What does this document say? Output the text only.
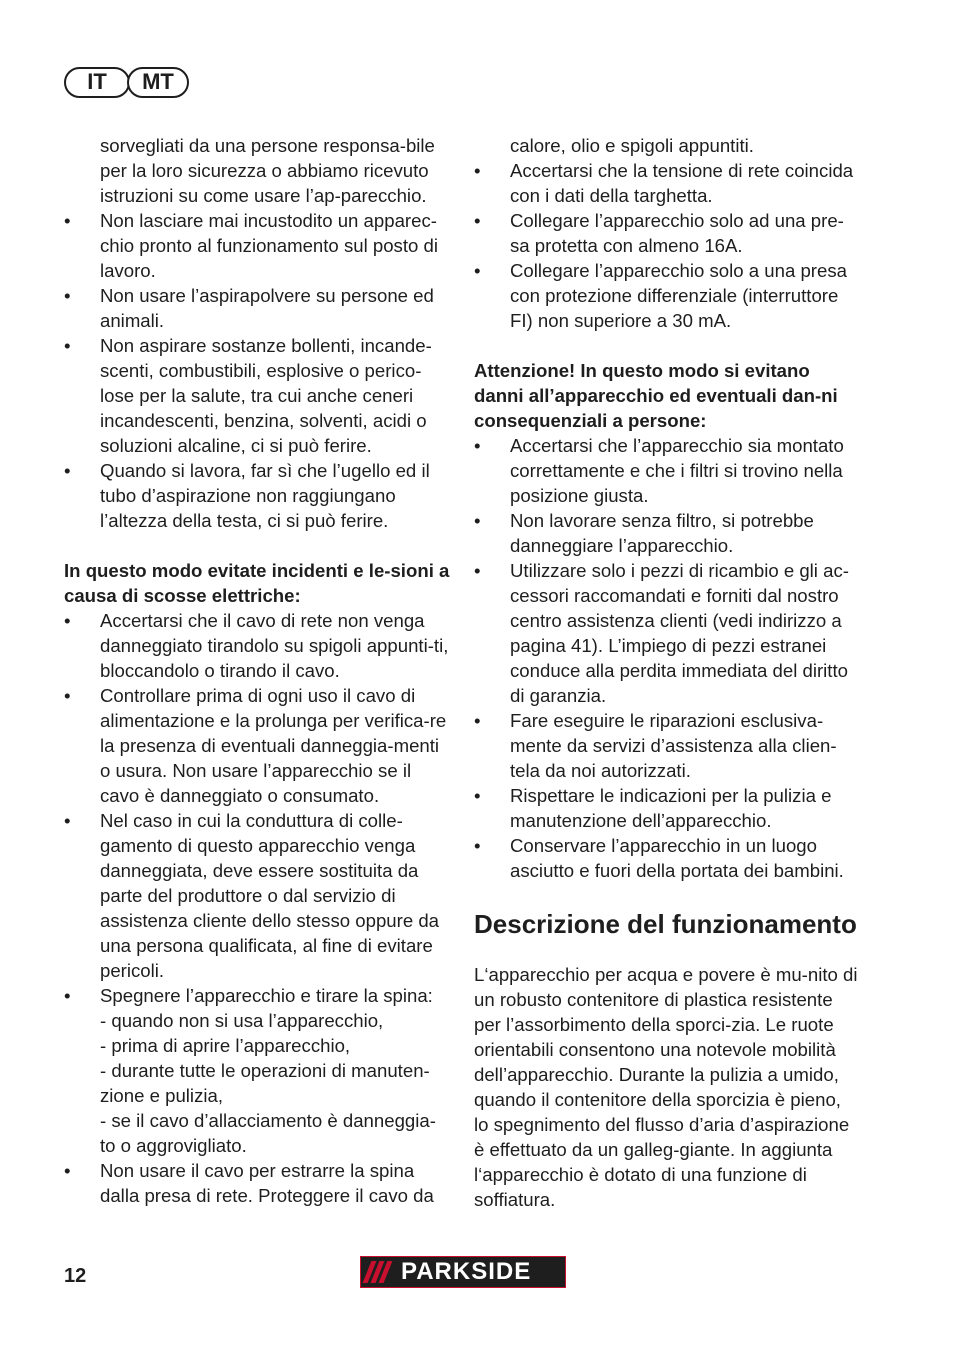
IT	MT

sorvegliati da una persone responsa-bile per la loro sicurezza o abbiamo ricevuto istruzioni su come usare l’ap-parecchio.

• Non lasciare mai incustodito un apparec-chio pronto al funzionamento sul posto di lavoro.
• Non usare l’aspirapolvere su persone ed animali.
• Non aspirare sostanze bollenti, incande-scenti, combustibili, esplosive o perico-lose per la salute, tra cui anche ceneri incandescenti, benzina, solventi, acidi o soluzioni alcaline, ci si può ferire.
• Quando si lavora, far sì che l’ugello ed il tubo d’aspirazione non raggiungano l’altezza della testa, ci si può ferire.

In questo modo evitate incidenti e le-sioni a causa di scosse elettriche:

• Accertarsi che il cavo di rete non venga danneggiato tirandolo su spigoli appunti-ti, bloccandolo o tirando il cavo.
• Controllare prima di ogni uso il cavo di alimentazione e la prolunga per verifica-re la presenza di eventuali danneggia-menti o usura. Non usare l’apparecchio se il cavo è danneggiato o consumato.
• Nel caso in cui la conduttura di colle-gamento di questo apparecchio venga danneggiata, deve essere sostituita da parte del produttore o dal servizio di assistenza cliente dello stesso oppure da una persona qualificata, al fine di evitare pericoli.
• Spegnere l’apparecchio e tirare la spina:
- quando non si usa l’apparecchio,
- prima di aprire l’apparecchio,
- durante tutte le operazioni di manuten-zione e pulizia,
- se il cavo d’allacciamento è danneggia-to o aggrovigliato.
• Non usare il cavo per estrarre la spina dalla presa di rete. Proteggere il cavo da

calore, olio e spigoli appuntiti.

• Accertarsi che la tensione di rete coincida con i dati della targhetta.
• Collegare l’apparecchio solo ad una pre-sa protetta con almeno 16A.
• Collegare l’apparecchio solo a una presa con protezione differenziale (interruttore FI) non superiore a 30 mA.

Attenzione! In questo modo si evitano danni all’apparecchio ed eventuali dan-ni consequenziali a persone:

• Accertarsi che l’apparecchio sia montato correttamente e che i filtri si trovino nella posizione giusta.
• Non lavorare senza filtro, si potrebbe danneggiare l’apparecchio.
• Utilizzare solo i pezzi di ricambio e gli ac-cessori raccomandati e forniti dal nostro centro assistenza clienti (vedi indirizzo a pagina 41). L’impiego di pezzi estranei conduce alla perdita immediata del diritto di garanzia.
• Fare eseguire le riparazioni esclusiva-mente da servizi d’assistenza alla clien-tela da noi autorizzati.
• Rispettare le indicazioni per la pulizia e manutenzione dell’apparecchio.
• Conservare l’apparecchio in un luogo asciutto e fuori della portata dei bambini.
Descrizione del funzionamento

L‘apparecchio per acqua e povere è mu-nito di un robusto contenitore di plastica resistente per l’assorbimento della sporci-zia. Le ruote orientabili consentono una notevole mobilità dell’apparecchio. Durante la pulizia a umido, quando il contenitore della sporcizia è pieno, lo spegnimento del flusso d’aria d’aspirazione è effettuato da un galleg-giante. In aggiunta l‘apparecchio è dotato di una funzione di soffiatura.

12	PARKSIDE
